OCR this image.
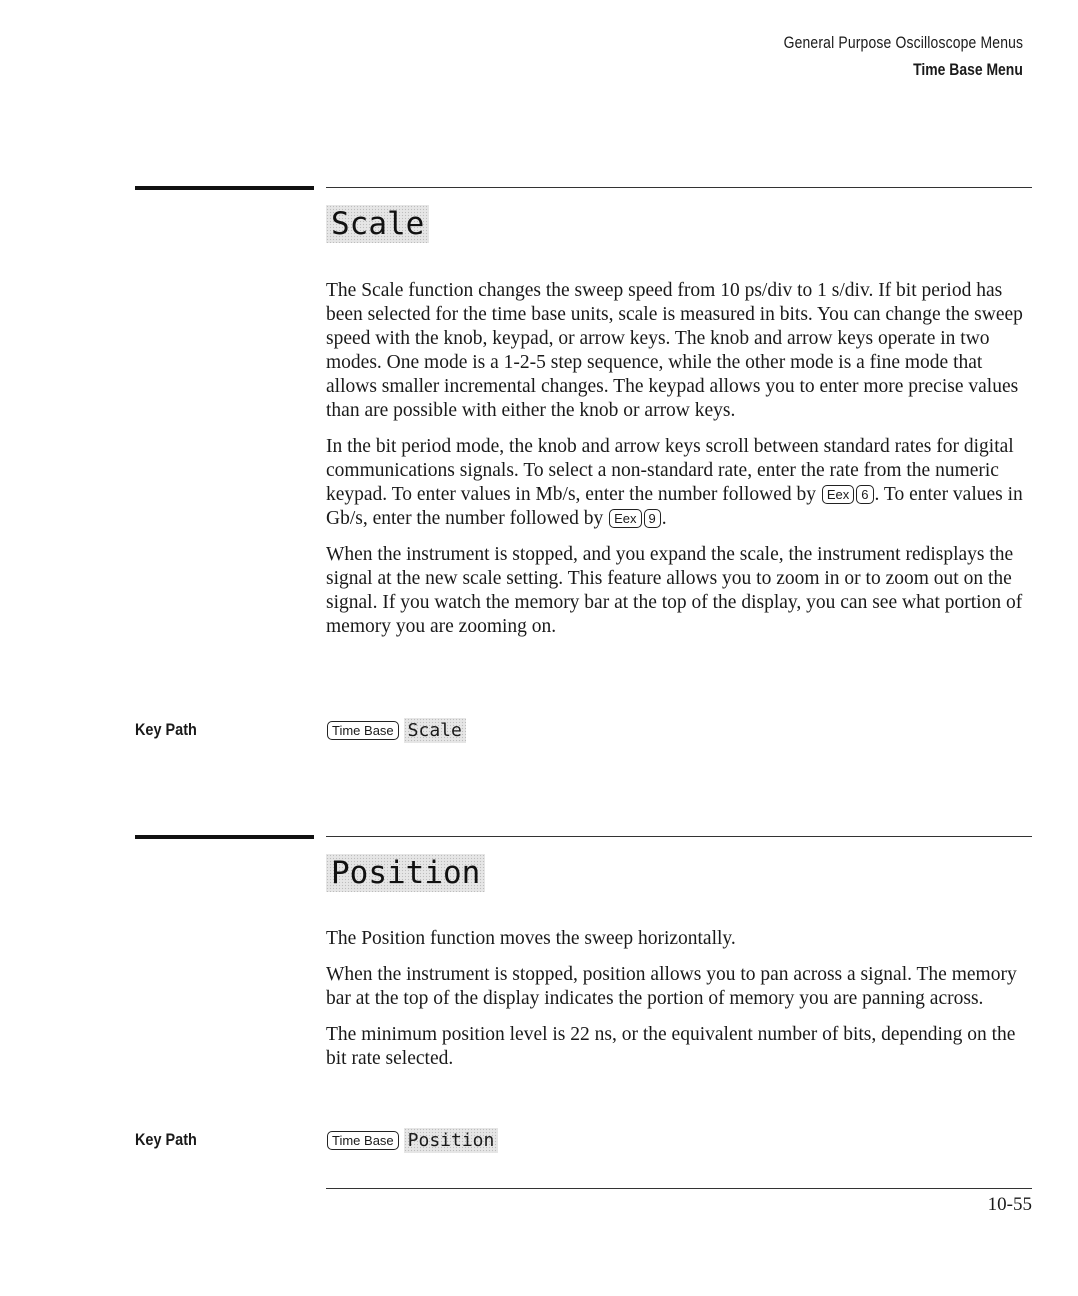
General Purpose Oscilloscope Menus
Time Base Menu
Scale

The Scale function changes the sweep speed from 10 ps/div to 1 s/div. If bit period has been selected for the time base units, scale is measured in bits. You can change the sweep speed with the knob, keypad, or arrow keys. The knob and arrow keys operate in two modes. One mode is a 1-2-5 step sequence, while the other mode is a fine mode that allows smaller incremental changes. The keypad allows you to enter more precise values than are possible with either the knob or arrow keys.

In the bit period mode, the knob and arrow keys scroll between standard rates for digital communications signals. To select a non-standard rate, enter the rate from the numeric keypad. To enter values in Mb/s, enter the number followed by Eex 6 . To enter values in Gb/s, enter the number followed by Eex 9 .

When the instrument is stopped, and you expand the scale, the instrument redisplays the signal at the new scale setting. This feature allows you to zoom in or to zoom out on the signal. If you watch the memory bar at the top of the display, you can see what portion of memory you are zooming on.

Key Path	Time Base Scale
Position

The Position function moves the sweep horizontally.

When the instrument is stopped, position allows you to pan across a signal. The memory bar at the top of the display indicates the portion of memory you are panning across.

The minimum position level is 22 ns, or the equivalent number of bits, depending on the bit rate selected.

Key Path	Time Base Position
10-55
